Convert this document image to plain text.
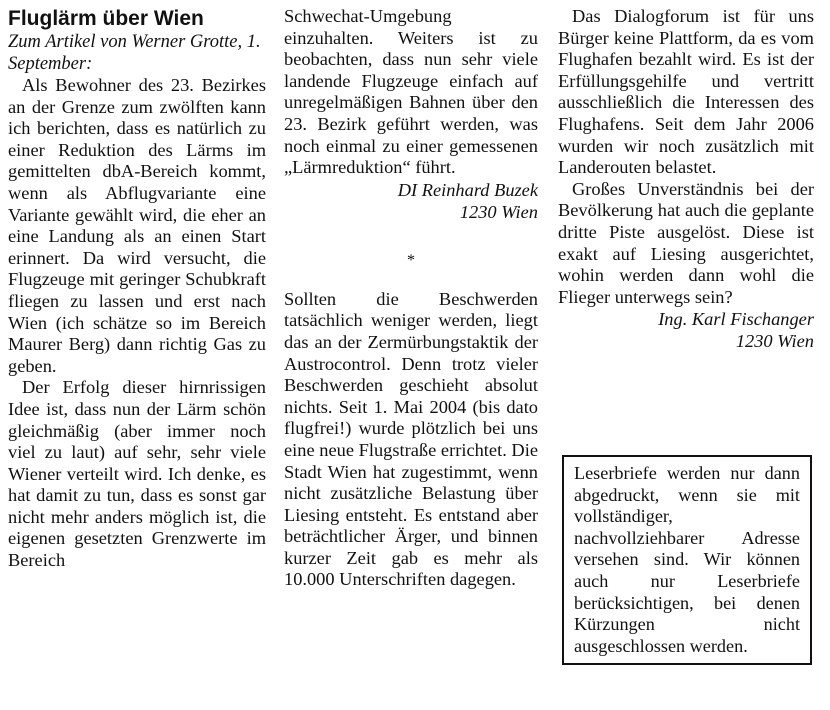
Fluglärm über Wien

Zum Artikel von Werner Grotte, 1. September:

Als Bewohner des 23. Bezirkes an der Grenze zum zwölften kann ich berichten, dass es natürlich zu einer Reduktion des Lärms im gemittelten dbA-Bereich kommt, wenn als Abflugvariante eine Variante gewählt wird, die eher an eine Landung als an einen Start erinnert. Da wird versucht, die Flugzeuge mit geringer Schubkraft fliegen zu lassen und erst nach Wien (ich schätze so im Bereich Maurer Berg) dann richtig Gas zu geben.

Der Erfolg dieser hirnrissigen Idee ist, dass nun der Lärm schön gleichmäßig (aber immer noch viel zu laut) auf sehr, sehr viele Wiener verteilt wird. Ich denke, es hat damit zu tun, dass es sonst gar nicht mehr anders möglich ist, die eigenen gesetzten Grenzwerte im Bereich

Schwechat-Umgebung einzuhalten. Weiters ist zu beobachten, dass nun sehr viele landende Flugzeuge einfach auf unregelmäßigen Bahnen über den 23. Bezirk geführt werden, was noch einmal zu einer gemessenen „Lärmreduktion“ führt.

DI Reinhard Buzek

1230 Wien

*

Sollten die Beschwerden tatsächlich weniger werden, liegt das an der Zermürbungstaktik der Austrocontrol. Denn trotz vieler Beschwerden geschieht absolut nichts. Seit 1. Mai 2004 (bis dato flugfrei!) wurde plötzlich bei uns eine neue Flugstraße errichtet. Die Stadt Wien hat zugestimmt, wenn nicht zusätzliche Belastung über Liesing entsteht. Es entstand aber beträchtlicher Ärger, und binnen kurzer Zeit gab es mehr als 10.000 Unterschriften dagegen.

Das Dialogforum ist für uns Bürger keine Plattform, da es vom Flughafen bezahlt wird. Es ist der Erfüllungsgehilfe und vertritt ausschließlich die Interessen des Flughafens. Seit dem Jahr 2006 wurden wir noch zusätzlich mit Landerouten belastet.

Großes Unverständnis bei der Bevölkerung hat auch die geplante dritte Piste ausgelöst. Diese ist exakt auf Liesing ausgerichtet, wohin werden dann wohl die Flieger unterwegs sein?

Ing. Karl Fischanger

1230 Wien

Leserbriefe werden nur dann abgedruckt, wenn sie mit vollständiger, nachvollziehbarer Adresse versehen sind. Wir können auch nur Leserbriefe berücksichtigen, bei denen Kürzungen nicht ausgeschlossen werden.
